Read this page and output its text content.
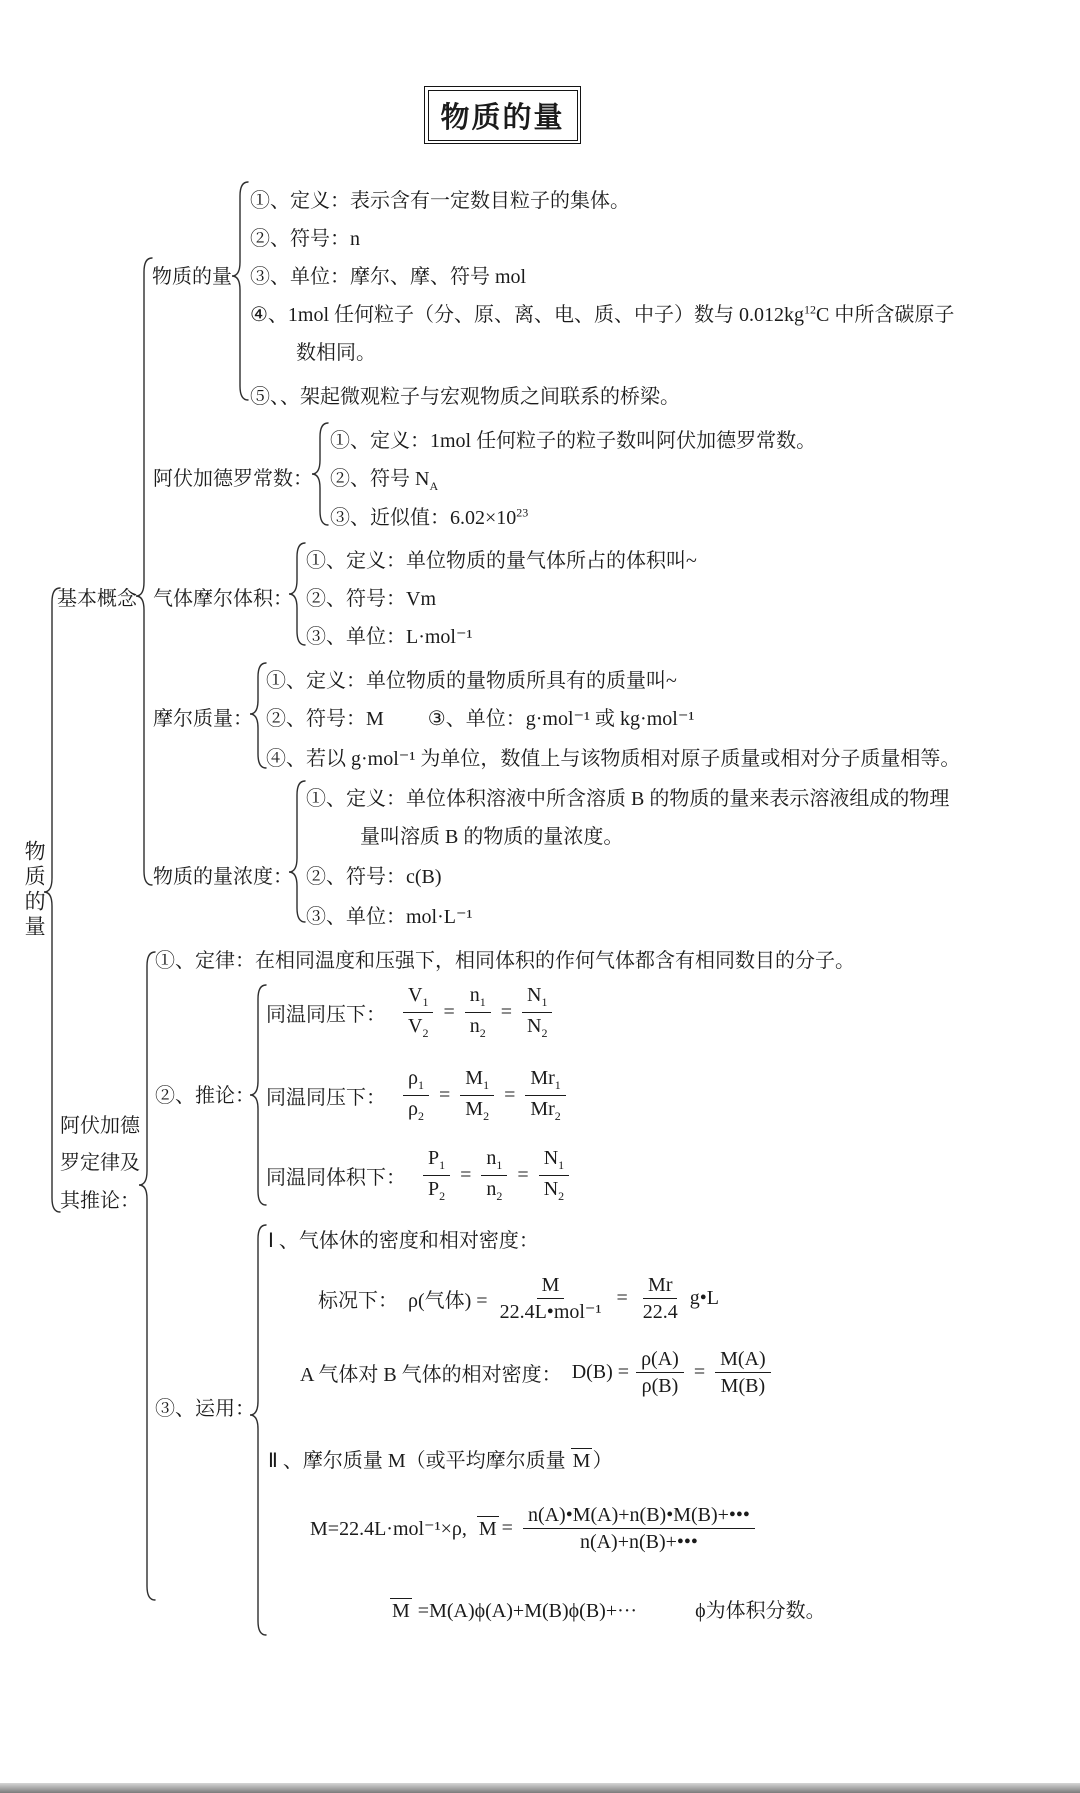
物质的量
物质的量
基本概念
物质的量
①、定义：表示含有一定数目粒子的集体。
②、符号：n
③、单位：摩尔、摩、符号 mol
④、1mol 任何粒子（分、原、离、电、质、中子）数与 $0.012kg^{12}C$ 中所含碳原子
数相同。
⑤、、架起微观粒子与宏观物质之间联系的桥梁。
阿伏加德罗常数：
①、定义：1mol 任何粒子的粒子数叫阿伏加德罗常数。
②、符号 $N_A$
③、近似值：$6.02\times 10^{23}$
气体摩尔体积：
①、定义：单位物质的量气体所占的体积叫~
②、符号：Vm
③、单位：L·mol⁻¹
摩尔质量：
①、定义：单位物质的量物质所具有的质量叫~
②、符号：M ③、单位：g·mol⁻¹ 或 kg·mol⁻¹
④、若以 g·mol⁻¹ 为单位，数值上与该物质相对原子质量或相对分子质量相等。
物质的量浓度：
①、定义：单位体积溶液中所含溶质 B 的物质的量来表示溶液组成的物理
量叫溶质 B 的物质的量浓度。
②、符号：c(B)
③、单位：mol·L⁻¹
阿伏加德
罗定律及
其推论：
①、定律：在相同温度和压强下，相同体积的作何气体都含有相同数目的分子。
②、推论：
同温同压下： $\frac{V_1}{V_2} = \frac{n_1}{n_2} = \frac{N_1}{N_2}$
同温同压下： $\frac{\rho_1}{\rho_2} = \frac{M_1}{M_2} = \frac{Mr_1}{Mr_2}$
同温同体积下： $\frac{P_1}{P_2} = \frac{n_1}{n_2} = \frac{N_1}{N_2}$
③、运用：
Ⅰ 、气体休的密度和相对密度：
标况下： ρ(气体) = $\frac{M}{\text{22.4L•mol⁻¹}} = \frac{Mr}{22.4}$ g•L
A 气体对 B 气体的相对密度： $D(B) = \frac{\rho(A)}{\rho(B)} = \frac{M(A)}{M(B)}$
Ⅱ 、摩尔质量 M（或平均摩尔质量 M ）
M=22.4L·mol⁻¹×ρ, $M = \frac{n(A)•M(A)+n(B)•M(B)+•••}{n(A)+n(B)+•••}$
M =M(A)ϕ(A)+M(B)ϕ(B)+···	ϕ为体积分数。
